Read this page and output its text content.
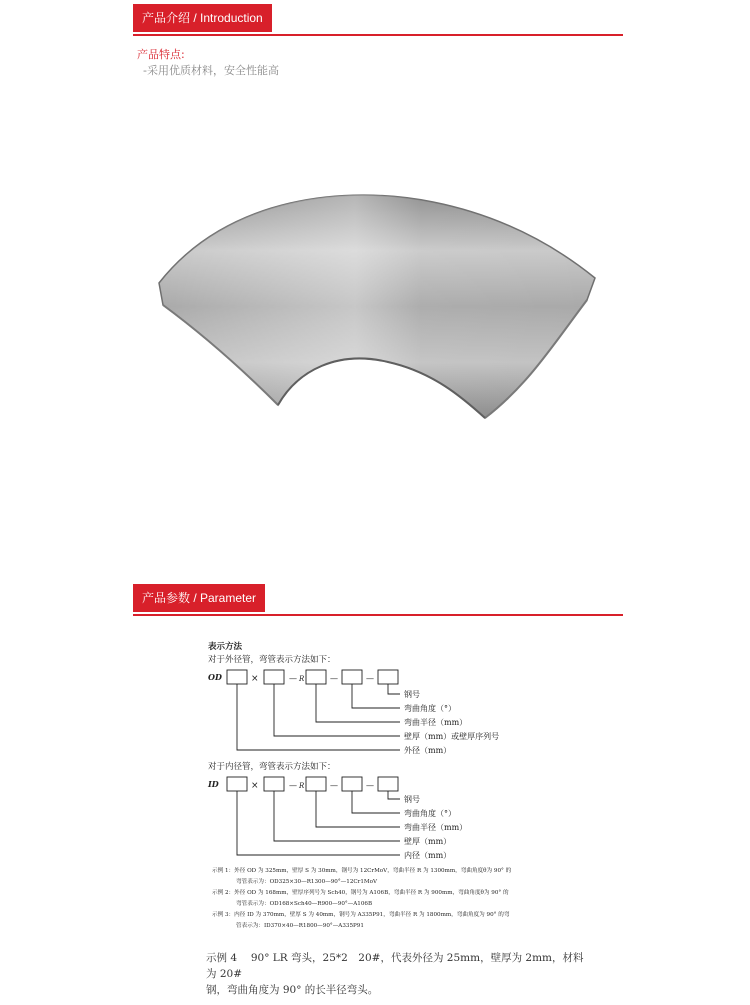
产品介绍 / Introduction
产品特点:
-采用优质材料，安全性能高
产品参数 / Parameter
表示方法
对于外径管，弯管表示方法如下：
OD	×	— R	—	—
钢号
弯曲角度（°）
弯曲半径（mm）
壁厚（mm）或壁厚序列号
外径（mm）
对于内径管，弯管表示方法如下：
ID	×	— R	—	—
钢号
弯曲角度（°）
弯曲半径（mm）
壁厚（mm）
内径（mm）
示例 1：外径 OD 为 325mm，壁厚 S 为 30mm，钢号为 12CrMoV，弯曲半径 R 为 1300mm，弯曲角度θ为 90° 的
弯管表示为：OD325×30—R1300—90°—12Cr1MoV
示例 2：外径 OD 为 168mm，壁厚序列号为 Sch40，钢号为 A106B，弯曲半径 R 为 900mm，弯曲角度θ为 90° 的
弯管表示为：OD168×Sch40—R900—90°—A106B
示例 3：内径 ID 为 370mm，壁厚 S 为 40mm，钢号为 A335P91，弯曲半径 R 为 1800mm，弯曲角度为 90° 的弯
管表示为：ID370×40—R1800—90°—A335P91
示例 4　 90° LR 弯头，25*2　20#，代表外径为 25mm，壁厚为 2mm，材料为 20#
钢，弯曲角度为 90° 的长半径弯头。
